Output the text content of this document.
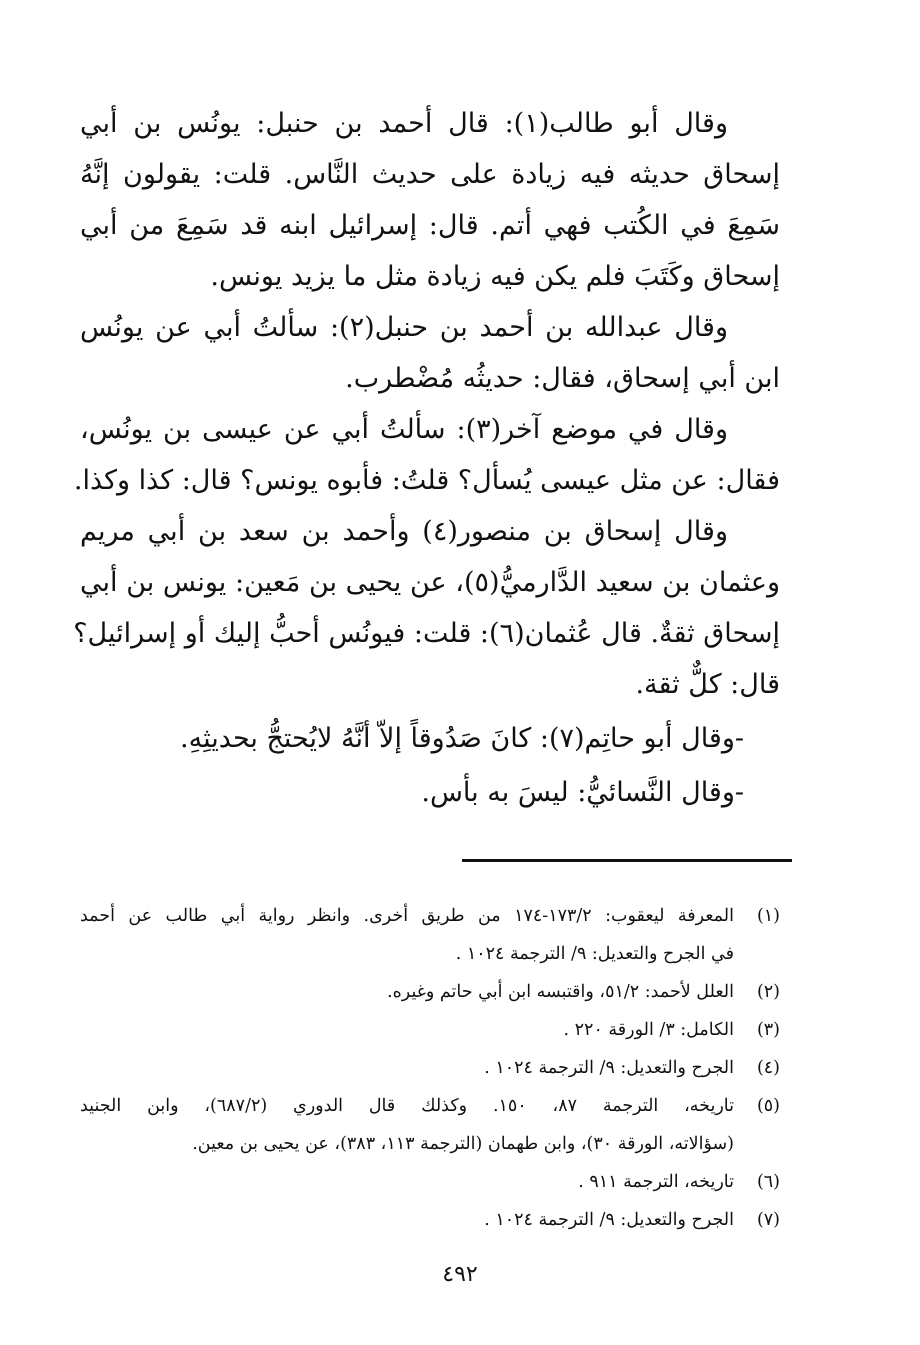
وقال أبو طالب(١): قال أحمد بن حنبل: يونُس بن أبي
إسحاق حديثه فيه زيادة على حديث النَّاس. قلت: يقولون إنَّهُ
سَمِعَ في الكُتب فهي أتم. قال: إسرائيل ابنه قد سَمِعَ من أبي
إسحاق وكَتَبَ فلم يكن فيه زيادة مثل ما يزيد يونس.
وقال عبدالله بن أحمد بن حنبل(٢): سألتُ أبي عن يونُس
ابن أبي إسحاق، فقال: حديثُه مُضْطرب.
وقال في موضع آخر(٣): سألتُ أبي عن عيسى بن يونُس،
فقال: عن مثل عيسى يُسأل؟ قلتُ: فأبوه يونس؟ قال: كذا وكذا.
وقال إسحاق بن منصور(٤) وأحمد بن سعد بن أبي مريم
وعثمان بن سعيد الدَّارميُّ(٥)، عن يحيى بن مَعين: يونس بن أبي
إسحاق ثقةٌ. قال عُثمان(٦): قلت: فيونُس أحبُّ إليك أو إسرائيل؟
قال: كلٌّ ثقة.
-وقال أبو حاتِم(٧): كانَ صَدُوقاً إلاّ أنَّهُ لايُحتجُّ بحديثِهِ.
-وقال النَّسائيُّ: ليسَ به بأس.
(١)
المعرفة ليعقوب: ١٧٣/٢-١٧٤ من طريق أخرى. وانظر رواية أبي طالب عن أحمد
في الجرح والتعديل: ٩/ الترجمة ١٠٢٤ .
(٢)
العلل لأحمد: ٥١/٢، واقتبسه ابن أبي حاتم وغيره.
(٣)
الكامل: ٣/ الورقة ٢٢٠ .
(٤)
الجرح والتعديل: ٩/ الترجمة ١٠٢٤ .
(٥)
تاريخه، الترجمة ٨٧، ١٥٠. وكذلك قال الدوري (٦٨٧/٢)، وابن الجنيد
(سؤالاته، الورقة ٣٠)، وابن طهمان (الترجمة ١١٣، ٣٨٣)، عن يحيى بن معين.
(٦)
تاريخه، الترجمة ٩١١ .
(٧)
الجرح والتعديل: ٩/ الترجمة ١٠٢٤ .
٤٩٢
